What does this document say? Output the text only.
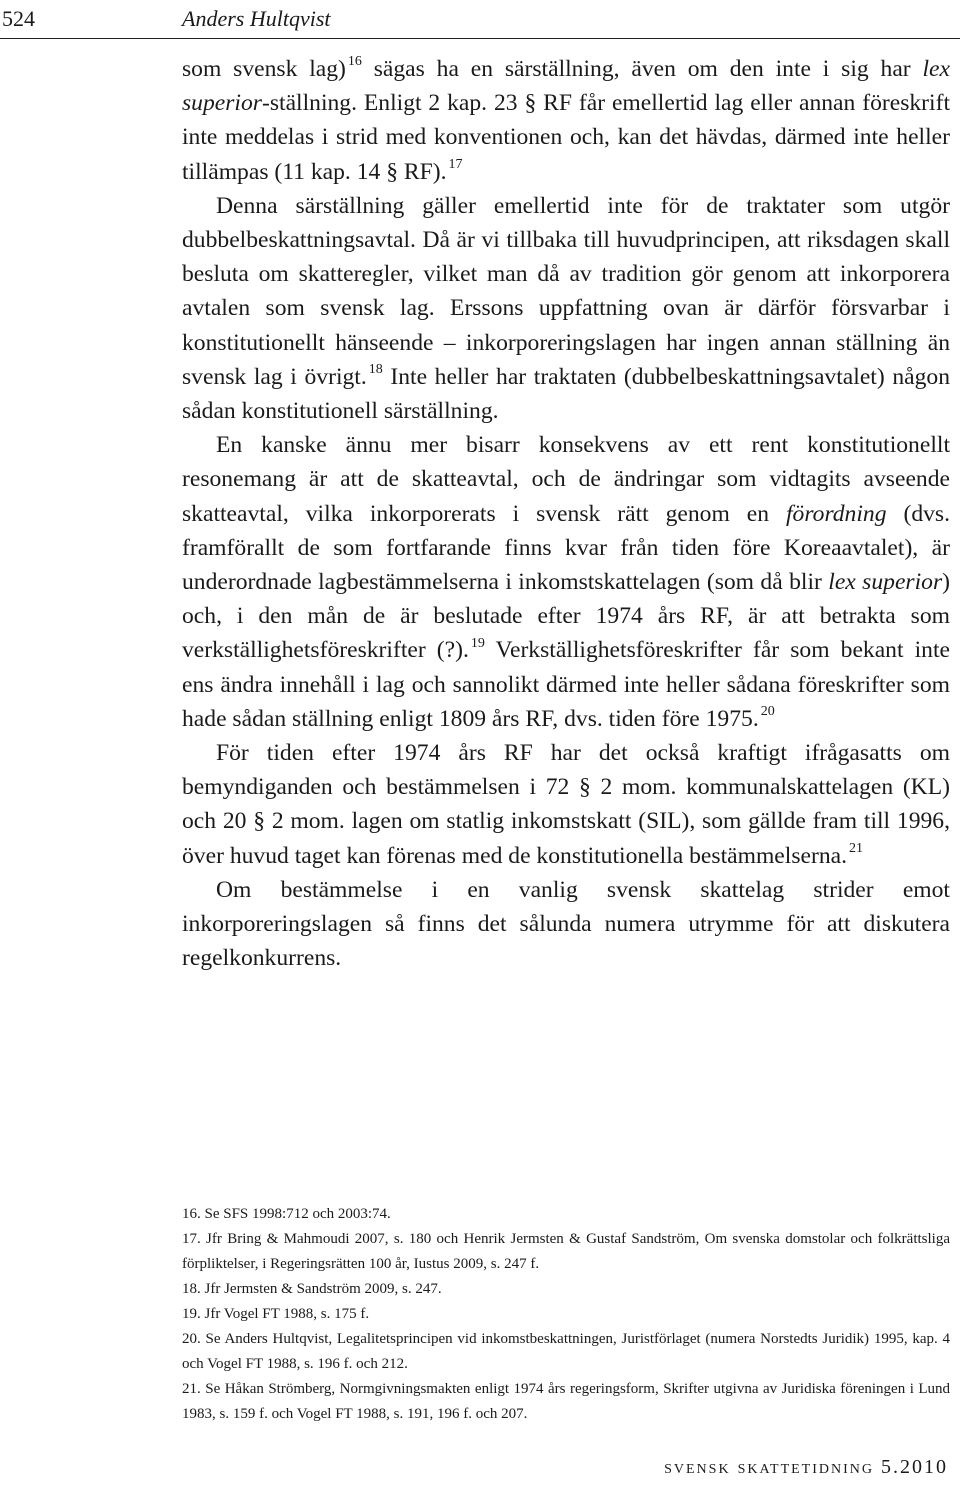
524	Anders Hultqvist

som svensk lag) $^{16}$ sägas ha en särställning, även om den inte i sig har lex superior-ställning. Enligt 2 kap. 23 § RF får emellertid lag eller annan föreskrift inte meddelas i strid med konventionen och, kan det hävdas, därmed inte heller tillämpas (11 kap. 14 § RF). $^{17}$

Denna särställning gäller emellertid inte för de traktater som utgör dubbelbeskattningsavtal. Då är vi tillbaka till huvudprincipen, att riksdagen skall besluta om skatteregler, vilket man då av tradition gör genom att inkorporera avtalen som svensk lag. Erssons uppfattning ovan är därför försvarbar i konstitutionellt hänseende – inkorporeringslagen har ingen annan ställning än svensk lag i övrigt. $^{18}$ Inte heller har traktaten (dubbelbeskattningsavtalet) någon sådan konstitutionell särställning.

En kanske ännu mer bisarr konsekvens av ett rent konstitutionellt resonemang är att de skatteavtal, och de ändringar som vidtagits avseende skatteavtal, vilka inkorporerats i svensk rätt genom en förordning (dvs. framförallt de som fortfarande finns kvar från tiden före Koreaavtalet), är underordnade lagbestämmelserna i inkomstskattelagen (som då blir lex superior) och, i den mån de är beslutade efter 1974 års RF, är att betrakta som verkställighetsföreskrifter (?). $^{19}$ Verkställighetsföreskrifter får som bekant inte ens ändra innehåll i lag och sannolikt därmed inte heller sådana föreskrifter som hade sådan ställning enligt 1809 års RF, dvs. tiden före 1975. $^{20}$

För tiden efter 1974 års RF har det också kraftigt ifrågasatts om bemyndiganden och bestämmelsen i 72 § 2 mom. kommunalskattelagen (KL) och 20 § 2 mom. lagen om statlig inkomstskatt (SIL), som gällde fram till 1996, över huvud taget kan förenas med de konstitutionella bestämmelserna. $^{21}$

Om bestämmelse i en vanlig svensk skattelag strider emot inkorporeringslagen så finns det sålunda numera utrymme för att diskutera regelkonkurrens.

16. Se SFS 1998:712 och 2003:74.

17. Jfr Bring & Mahmoudi 2007, s. 180 och Henrik Jermsten & Gustaf Sandström, Om svenska domstolar och folkrättsliga förpliktelser, i Regeringsrätten 100 år, Iustus 2009, s. 247 f.

18. Jfr Jermsten & Sandström 2009, s. 247.

19. Jfr Vogel FT 1988, s. 175 f.

20. Se Anders Hultqvist, Legalitetsprincipen vid inkomstbeskattningen, Juristförlaget (numera Norstedts Juridik) 1995, kap. 4 och Vogel FT 1988, s. 196 f. och 212.

21. Se Håkan Strömberg, Normgivningsmakten enligt 1974 års regeringsform, Skrifter utgivna av Juridiska föreningen i Lund 1983, s. 159 f. och Vogel FT 1988, s. 191, 196 f. och 207.

svensk skattetidning 5.2010
